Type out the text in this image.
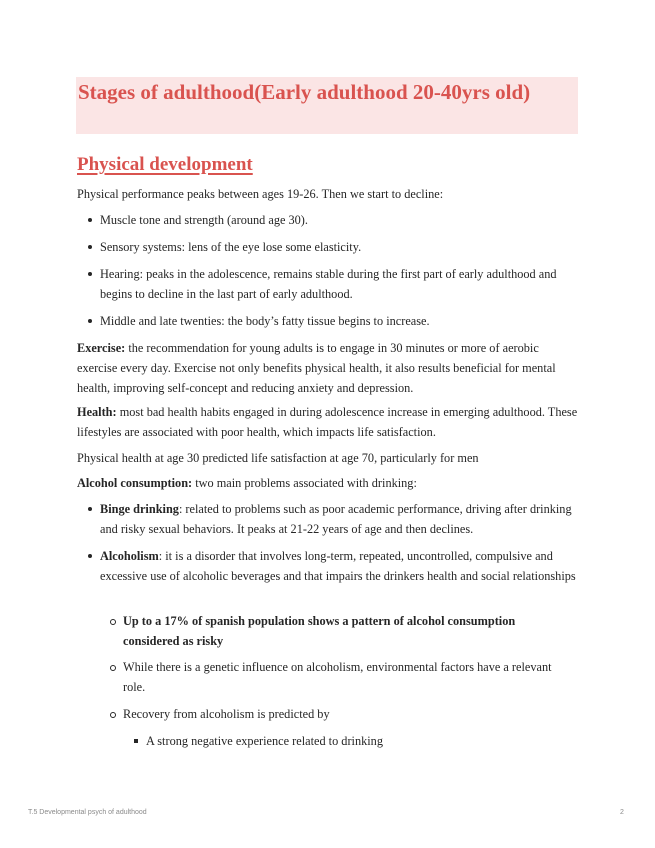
Stages of adulthood(Early adulthood 20-40yrs old)
Physical development

Physical performance peaks between ages 19-26. Then we start to decline:

Muscle tone and strength (around age 30).

Sensory systems: lens of the eye lose some elasticity.

Hearing: peaks in the adolescence, remains stable during the first part of early adulthood and begins to decline in the last part of early adulthood.

Middle and late twenties: the body’s fatty tissue begins to increase.

Exercise: the recommendation for young adults is to engage in 30 minutes or more of aerobic exercise every day. Exercise not only benefits physical health, it also results beneficial for mental health, improving self-concept and reducing anxiety and depression.

Health: most bad health habits engaged in during adolescence increase in emerging adulthood. These lifestyles are associated with poor health, which impacts life satisfaction.

Physical health at age 30 predicted life satisfaction at age 70, particularly for men

Alcohol consumption: two main problems associated with drinking:

Binge drinking: related to problems such as poor academic performance, driving after drinking and risky sexual behaviors. It peaks at 21-22 years of age and then declines.

Alcoholism: it is a disorder that involves long-term, repeated, uncontrolled, compulsive and excessive use of alcoholic beverages and that impairs the drinkers health and social relationships

Up to a 17% of spanish population shows a pattern of alcohol consumption considered as risky

While there is a genetic influence on alcoholism, environmental factors have a relevant role.

Recovery from alcoholism is predicted by

A strong negative experience related to drinking

T.5 Developmental psych of adulthood	2
